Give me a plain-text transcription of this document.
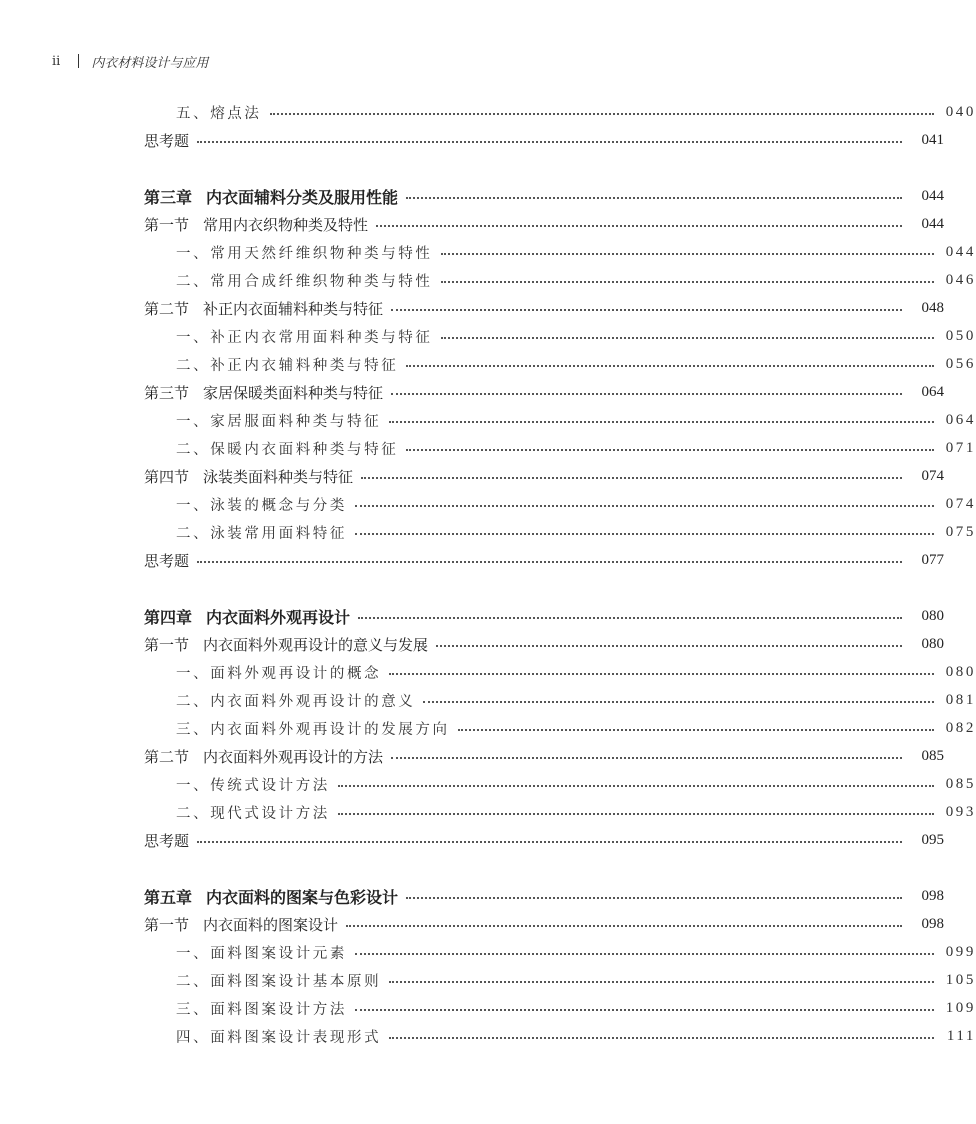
ii 内衣材料设计与应用
五、熔点法	040
思考题	041
第三章 内衣面辅料分类及服用性能	044
第一节 常用内衣织物种类及特性	044
一、常用天然纤维织物种类与特性	044
二、常用合成纤维织物种类与特性	046
第二节 补正内衣面辅料种类与特征	048
一、补正内衣常用面料种类与特征	050
二、补正内衣辅料种类与特征	056
第三节 家居保暖类面料种类与特征	064
一、家居服面料种类与特征	064
二、保暖内衣面料种类与特征	071
第四节 泳装类面料种类与特征	074
一、泳装的概念与分类	074
二、泳装常用面料特征	075
思考题	077
第四章 内衣面料外观再设计	080
第一节 内衣面料外观再设计的意义与发展	080
一、面料外观再设计的概念	080
二、内衣面料外观再设计的意义	081
三、内衣面料外观再设计的发展方向	082
第二节 内衣面料外观再设计的方法	085
一、传统式设计方法	085
二、现代式设计方法	093
思考题	095
第五章 内衣面料的图案与色彩设计	098
第一节 内衣面料的图案设计	098
一、面料图案设计元素	099
二、面料图案设计基本原则	105
三、面料图案设计方法	109
四、面料图案设计表现形式	111
